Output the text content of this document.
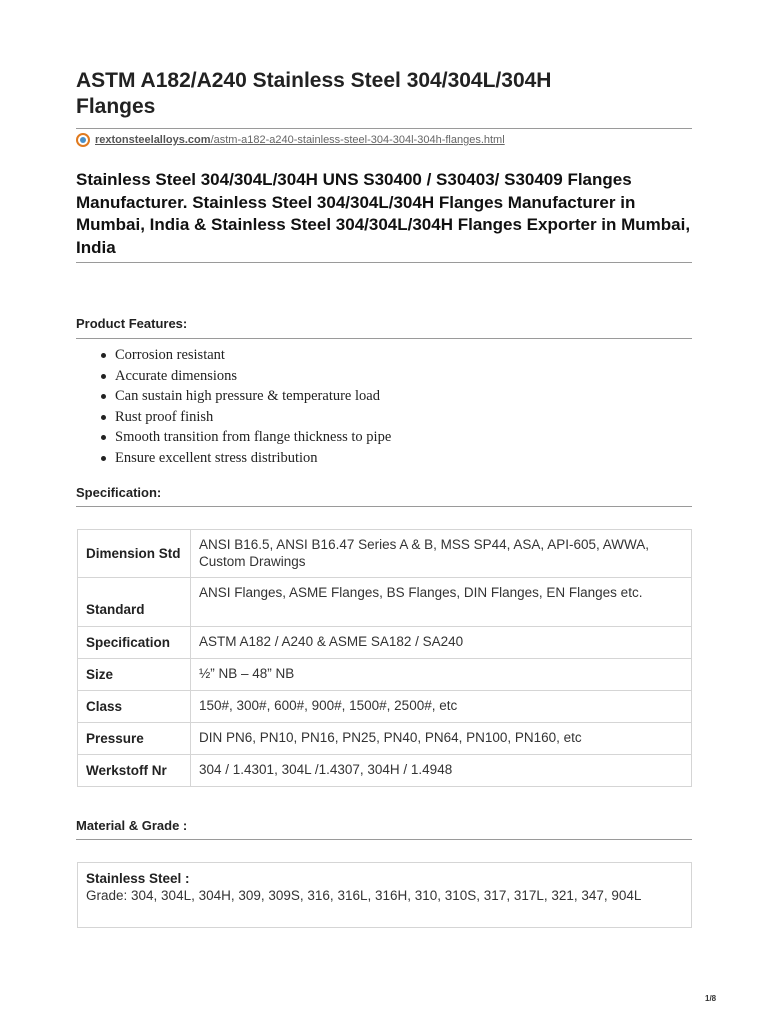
ASTM A182/A240 Stainless Steel 304/304L/304H Flanges
rextonsteelalloys.com /astm-a182-a240-stainless-steel-304-304l-304h-flanges.html
Stainless Steel 304/304L/304H UNS S30400 / S30403/ S30409 Flanges Manufacturer. Stainless Steel 304/304L/304H Flanges Manufacturer in Mumbai, India & Stainless Steel 304/304L/304H Flanges Exporter in Mumbai, India
Product Features:
Corrosion resistant
Accurate dimensions
Can sustain high pressure & temperature load
Rust proof finish
Smooth transition from flange thickness to pipe
Ensure excellent stress distribution
Specification:
Dimension Std	ANSI B16.5, ANSI B16.47 Series A & B, MSS SP44, ASA, API-605, AWWA, Custom Drawings
Standard	ANSI Flanges, ASME Flanges, BS Flanges, DIN Flanges, EN Flanges etc.
Specification	ASTM A182 / A240 & ASME SA182 / SA240
Size	½” NB – 48” NB
Class	150#, 300#, 600#, 900#, 1500#, 2500#, etc
Pressure	DIN PN6, PN10, PN16, PN25, PN40, PN64, PN100, PN160, etc
Werkstoff Nr	304 / 1.4301, 304L /1.4307, 304H / 1.4948
Material & Grade :
Stainless Steel :
Grade: 304, 304L, 304H, 309, 309S, 316, 316L, 316H, 310, 310S, 317, 317L, 321, 347, 904L
1/8
